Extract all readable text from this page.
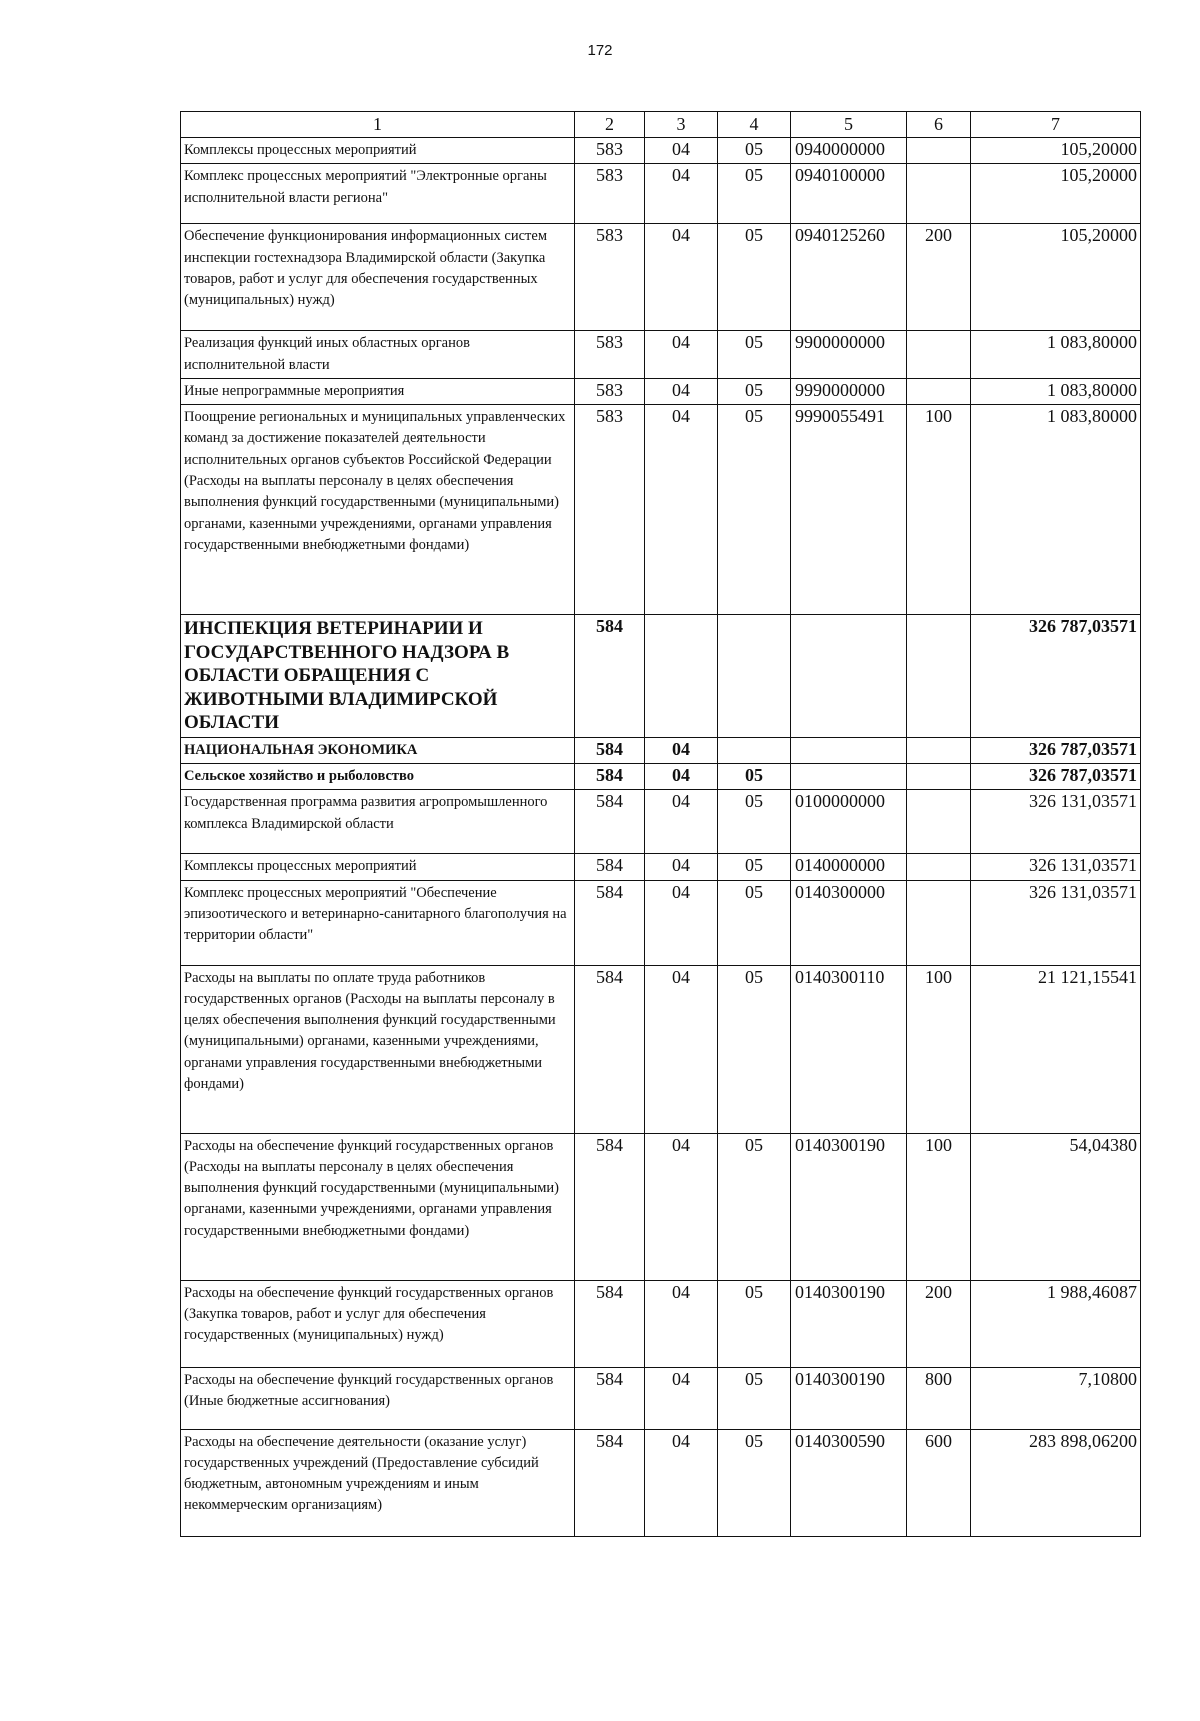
172
1	2	3	4	5	6	7
Комплексы процессных мероприятий	583	04	05	0940000000		105,20000
Комплекс процессных мероприятий "Электронные органы исполнительной власти региона"	583	04	05	0940100000		105,20000
Обеспечение функционирования информационных систем инспекции гостехнадзора Владимирской области (Закупка товаров, работ и услуг для обеспечения государственных (муниципальных) нужд)	583	04	05	0940125260	200	105,20000
Реализация функций иных областных органов исполнительной власти	583	04	05	9900000000		1 083,80000
Иные непрограммные мероприятия	583	04	05	9990000000		1 083,80000
Поощрение региональных и муниципальных управленческих команд за достижение показателей деятельности исполнительных органов субъектов Российской Федерации (Расходы на выплаты персоналу в целях обеспечения выполнения функций государственными (муниципальными) органами, казенными учреждениями, органами управления государственными внебюджетными фондами)	583	04	05	9990055491	100	1 083,80000
ИНСПЕКЦИЯ ВЕТЕРИНАРИИ И ГОСУДАРСТВЕННОГО НАДЗОРА В ОБЛАСТИ ОБРАЩЕНИЯ С ЖИВОТНЫМИ ВЛАДИМИРСКОЙ ОБЛАСТИ	584					326 787,03571
НАЦИОНАЛЬНАЯ ЭКОНОМИКА	584	04				326 787,03571
Сельское хозяйство и рыболовство	584	04	05			326 787,03571
Государственная программа развития агропромышленного комплекса Владимирской области	584	04	05	0100000000		326 131,03571
Комплексы процессных мероприятий	584	04	05	0140000000		326 131,03571
Комплекс процессных мероприятий "Обеспечение эпизоотического и ветеринарно-санитарного благополучия на территории области"	584	04	05	0140300000		326 131,03571
Расходы на выплаты по оплате труда работников государственных органов (Расходы на выплаты персоналу в целях обеспечения выполнения функций государственными (муниципальными) органами, казенными учреждениями, органами управления государственными внебюджетными фондами)	584	04	05	0140300110	100	21 121,15541
Расходы на обеспечение функций государственных органов (Расходы на выплаты персоналу в целях обеспечения выполнения функций государственными (муниципальными) органами, казенными учреждениями, органами управления государственными внебюджетными фондами)	584	04	05	0140300190	100	54,04380
Расходы на обеспечение функций государственных органов (Закупка товаров, работ и услуг для обеспечения государственных (муниципальных) нужд)	584	04	05	0140300190	200	1 988,46087
Расходы на обеспечение функций государственных органов (Иные бюджетные ассигнования)	584	04	05	0140300190	800	7,10800
Расходы на обеспечение деятельности (оказание услуг) государственных учреждений (Предоставление субсидий бюджетным, автономным учреждениям и иным некоммерческим организациям)	584	04	05	0140300590	600	283 898,06200
